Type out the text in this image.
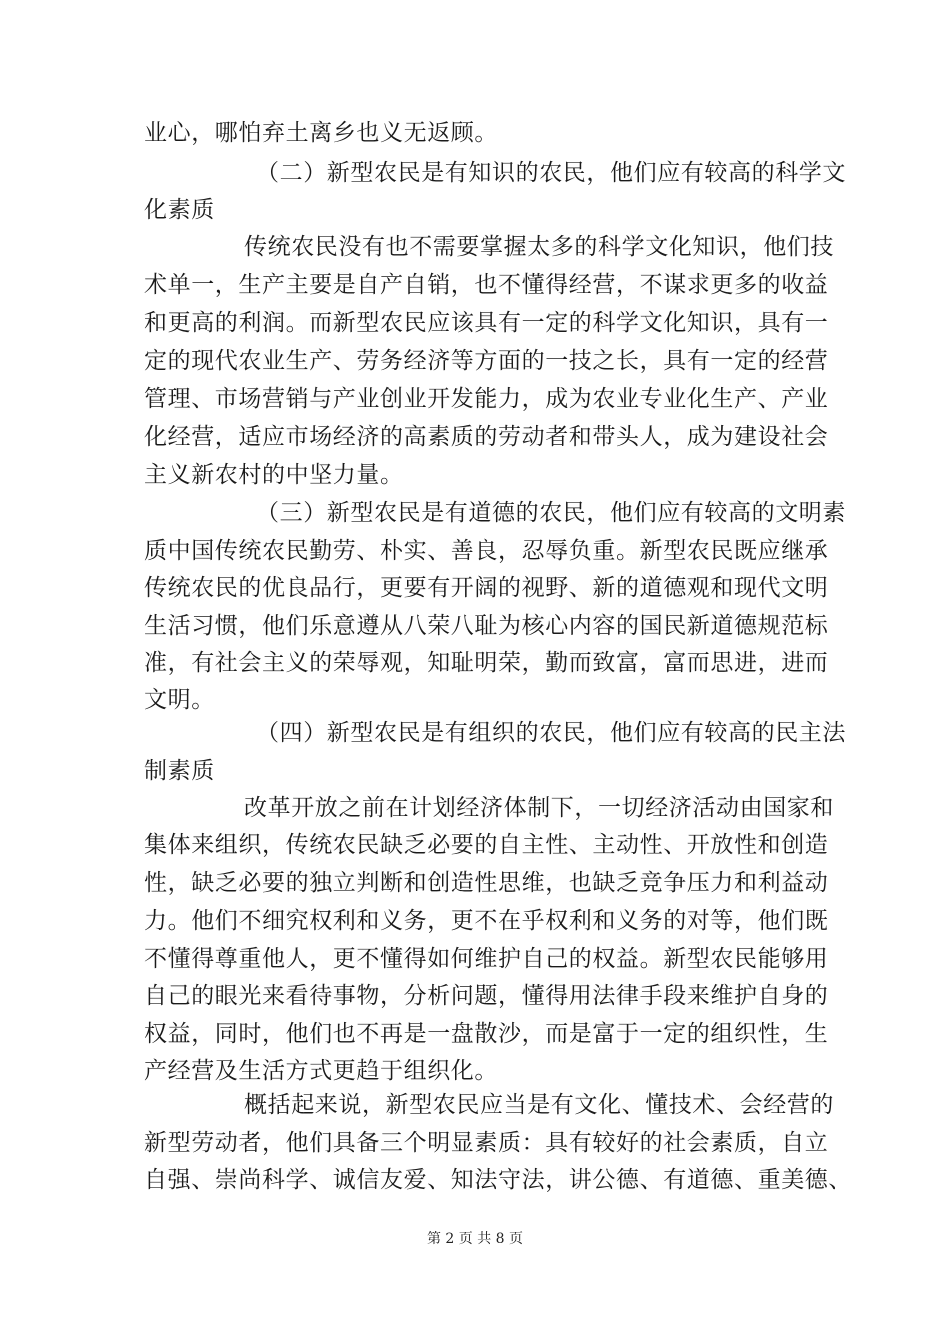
业心，哪怕弃土离乡也义无返顾。
（二）新型农民是有知识的农民，他们应有较高的科学文
化素质
传统农民没有也不需要掌握太多的科学文化知识，他们技
术单一，生产主要是自产自销，也不懂得经营，不谋求更多的收益
和更高的利润。而新型农民应该具有一定的科学文化知识，具有一
定的现代农业生产、劳务经济等方面的一技之长，具有一定的经营
管理、市场营销与产业创业开发能力，成为农业专业化生产、产业
化经营，适应市场经济的高素质的劳动者和带头人，成为建设社会
主义新农村的中坚力量。
（三）新型农民是有道德的农民，他们应有较高的文明素
质中国传统农民勤劳、朴实、善良，忍辱负重。新型农民既应继承
传统农民的优良品行，更要有开阔的视野、新的道德观和现代文明
生活习惯，他们乐意遵从八荣八耻为核心内容的国民新道德规范标
准，有社会主义的荣辱观，知耻明荣，勤而致富，富而思进，进而
文明。
（四）新型农民是有组织的农民，他们应有较高的民主法
制素质
改革开放之前在计划经济体制下，一切经济活动由国家和
集体来组织，传统农民缺乏必要的自主性、主动性、开放性和创造
性，缺乏必要的独立判断和创造性思维，也缺乏竞争压力和利益动
力。他们不细究权利和义务，更不在乎权利和义务的对等，他们既
不懂得尊重他人，更不懂得如何维护自己的权益。新型农民能够用
自己的眼光来看待事物，分析问题，懂得用法律手段来维护自身的
权益，同时，他们也不再是一盘散沙，而是富于一定的组织性，生
产经营及生活方式更趋于组织化。
概括起来说，新型农民应当是有文化、懂技术、会经营的
新型劳动者，他们具备三个明显素质：具有较好的社会素质，自立
自强、崇尚科学、诚信友爱、知法守法，讲公德、有道德、重美德、
第 2 页 共 8 页
